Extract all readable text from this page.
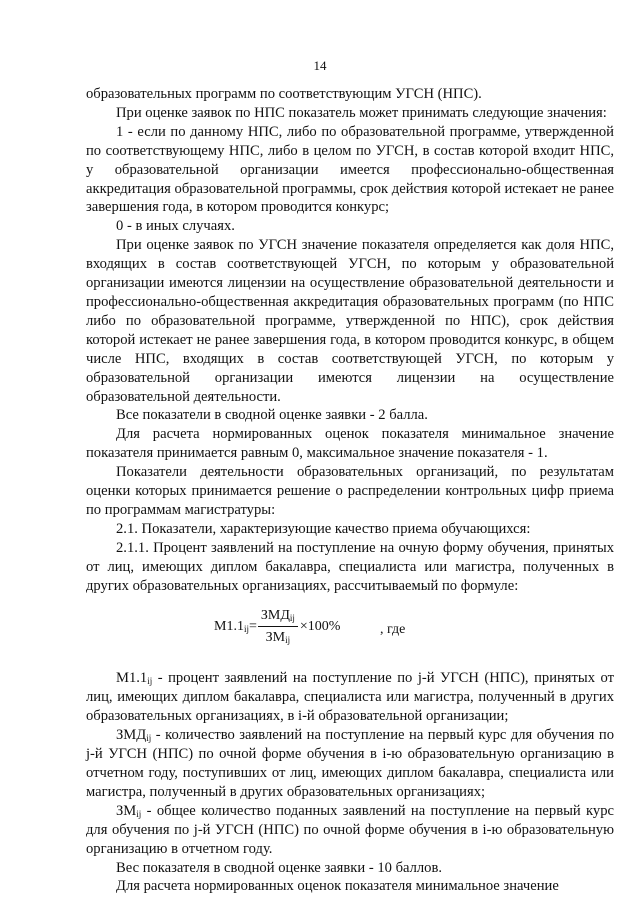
14

образовательных программ по соответствующим УГСН (НПС).

При оценке заявок по НПС показатель может принимать следующие значения:

1 - если по данному НПС, либо по образовательной программе, утвержденной по соответствующему НПС, либо в целом по УГСН, в состав которой входит НПС, у образовательной организации имеется профессионально-общественная аккредитация образовательной программы, срок действия которой истекает не ранее завершения года, в котором проводится конкурс;

0 - в иных случаях.

При оценке заявок по УГСН значение показателя определяется как доля НПС, входящих в состав соответствующей УГСН, по которым у образовательной организации имеются лицензии на осуществление образовательной деятельности и профессионально-общественная аккредитация образовательных программ (по НПС либо по образовательной программе, утвержденной по НПС), срок действия которой истекает не ранее завершения года, в котором проводится конкурс, в общем числе НПС, входящих в состав соответствующей УГСН, по которым у образовательной организации имеются лицензии на осуществление образовательной деятельности.

Все показатели в сводной оценке заявки - 2 балла.

Для расчета нормированных оценок показателя минимальное значение показателя принимается равным 0, максимальное значение показателя - 1.

Показатели деятельности образовательных организаций, по результатам оценки которых принимается решение о распределении контрольных цифр приема по программам магистратуры:

2.1. Показатели, характеризующие качество приема обучающихся:

2.1.1. Процент заявлений на поступление на очную форму обучения, принятых от лиц, имеющих диплом бакалавра, специалиста или магистра, полученных в других образовательных организациях, рассчитываемый по формуле:

$М1.1_{ij} = \frac{ЗМД_{ij}}{ЗМ_{ij}} \times 100\%$	, где

$М1.1_{ij}$ - процент заявлений на поступление по j-й УГСН (НПС), принятых от лиц, имеющих диплом бакалавра, специалиста или магистра, полученный в других образовательных организациях, в i-й образовательной организации;

$ЗМД_{ij}$ - количество заявлений на поступление на первый курс для обучения по j-й УГСН (НПС) по очной форме обучения в i-ю образовательную организацию в отчетном году, поступивших от лиц, имеющих диплом бакалавра, специалиста или магистра, полученный в других образовательных организациях;

$ЗМ_{ij}$ - общее количество поданных заявлений на поступление на первый курс для обучения по j-й УГСН (НПС) по очной форме обучения в i-ю образовательную организацию в отчетном году.

Вес показателя в сводной оценке заявки - 10 баллов.

Для расчета нормированных оценок показателя минимальное значение
